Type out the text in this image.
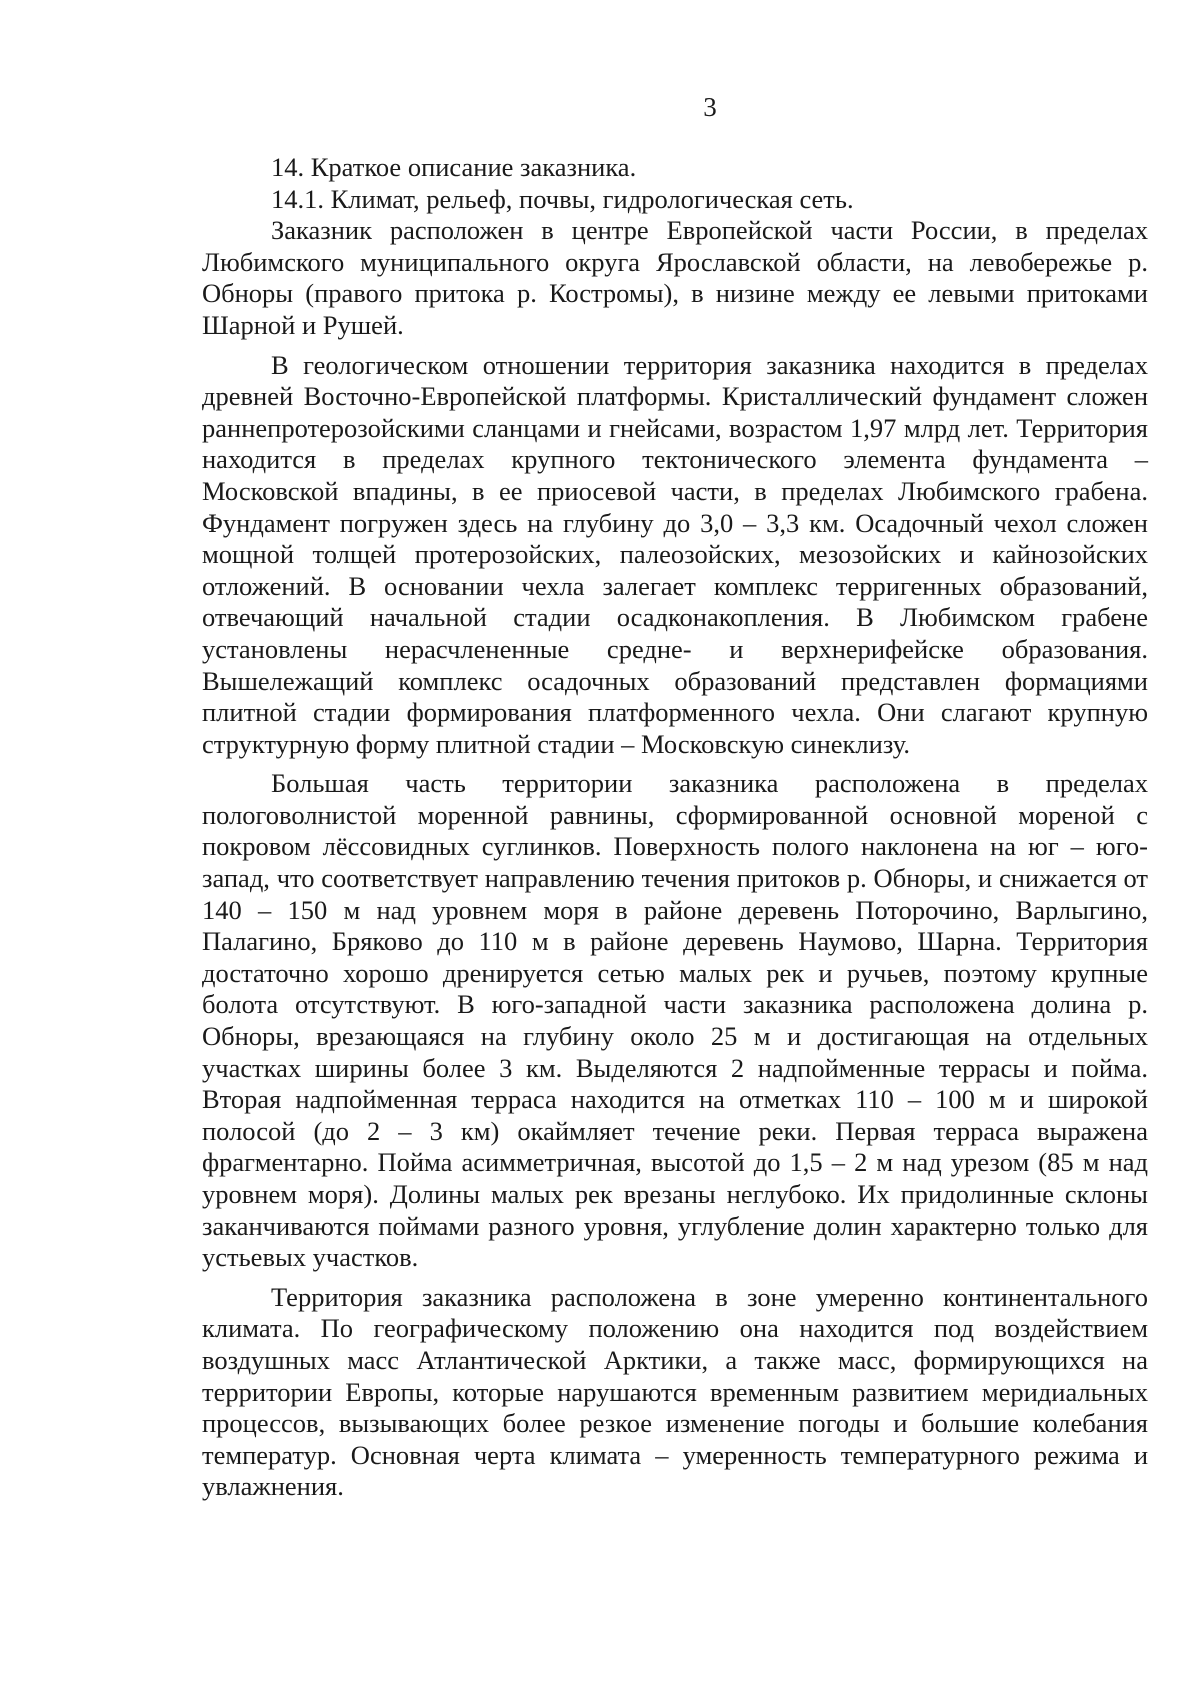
3

14. Краткое описание заказника.

14.1. Климат, рельеф, почвы, гидрологическая сеть.

Заказник расположен в центре Европейской части России, в пределах Любимского муниципального округа Ярославской области, на левобережье р. Обноры (правого притока р. Костромы), в низине между ее левыми притоками Шарной и Рушей.

В геологическом отношении территория заказника находится в пределах древней Восточно-Европейской платформы. Кристаллический фундамент сложен раннепротерозойскими сланцами и гнейсами, возрастом 1,97 млрд лет. Территория находится в пределах крупного тектонического элемента фундамента – Московской впадины, в ее приосевой части, в пределах Любимского грабена. Фундамент погружен здесь на глубину до 3,0 – 3,3 км. Осадочный чехол сложен мощной толщей протерозойских, палеозойских, мезозойских и кайнозойских отложений. В основании чехла залегает комплекс терригенных образований, отвечающий начальной стадии осадконакопления. В Любимском грабене установлены нерасчлененные средне- и верхнерифейске образования. Вышележащий комплекс осадочных образований представлен формациями плитной стадии формирования платформенного чехла. Они слагают крупную структурную форму плитной стадии – Московскую синеклизу.

Большая часть территории заказника расположена в пределах пологоволнистой моренной равнины, сформированной основной мореной с покровом лёссовидных суглинков. Поверхность полого наклонена на юг – юго-запад, что соответствует направлению течения притоков р. Обноры, и снижается от 140 – 150 м над уровнем моря в районе деревень Поторочино, Варлыгино, Палагино, Бряково до 110 м в районе деревень Наумово, Шарна. Территория достаточно хорошо дренируется сетью малых рек и ручьев, поэтому крупные болота отсутствуют. В юго-западной части заказника расположена долина р. Обноры, врезающаяся на глубину около 25 м и достигающая на отдельных участках ширины более 3 км. Выделяются 2 надпойменные террасы и пойма. Вторая надпойменная терраса находится на отметках 110 – 100 м и широкой полосой (до 2 – 3 км) окаймляет течение реки. Первая терраса выражена фрагментарно. Пойма асимметричная, высотой до 1,5 – 2 м над урезом (85 м над уровнем моря). Долины малых рек врезаны неглубоко. Их придолинные склоны заканчиваются поймами разного уровня, углубление долин характерно только для устьевых участков.

Территория заказника расположена в зоне умеренно континентального климата. По географическому положению она находится под воздействием воздушных масс Атлантической Арктики, а также масс, формирующихся на территории Европы, которые нарушаются временным развитием меридиальных процессов, вызывающих более резкое изменение погоды и большие колебания температур. Основная черта климата – умеренность температурного режима и увлажнения.
